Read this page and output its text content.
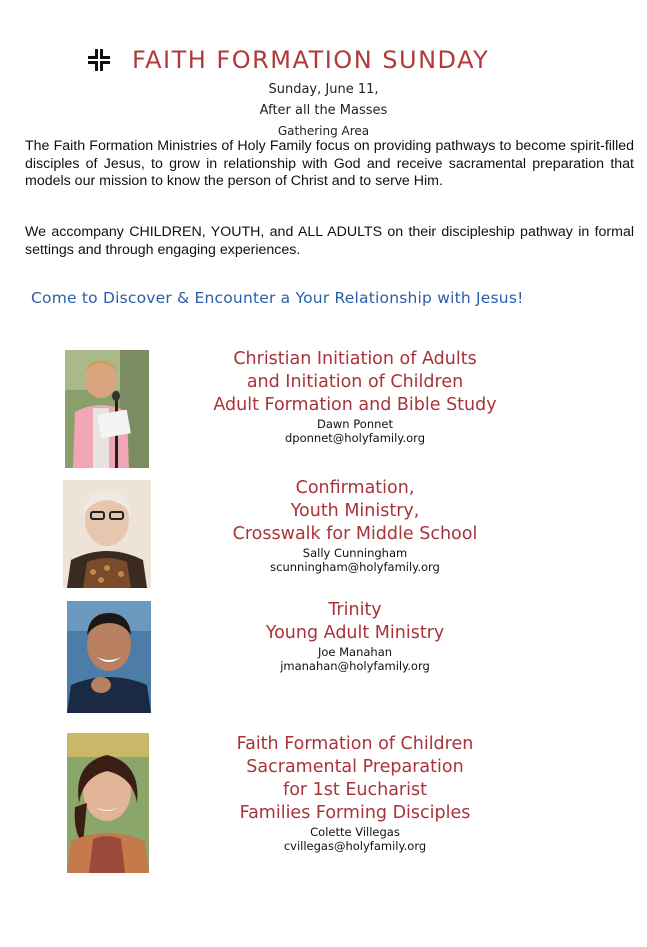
FAITH FORMATION SUNDAY
Sunday, June 11,
After all the Masses
Gathering Area

The Faith Formation Ministries of Holy Family focus on providing pathways to become spirit-filled disciples of Jesus, to grow in relationship with God and receive sacramental preparation that models our mission to know the person of Christ and to serve Him.

We accompany CHILDREN, YOUTH, and ALL ADULTS on their discipleship pathway in formal settings and through engaging experiences.

Come to Discover & Encounter a Your Relationship with Jesus!
Christian Initiation of Adults
and Initiation of Children
Adult Formation and Bible Study
Dawn Ponnet
dponnet@holyfamily.org
Confirmation,
Youth Ministry,
Crosswalk for Middle School
Sally Cunningham
scunningham@holyfamily.org
Trinity
Young Adult Ministry
Joe Manahan
jmanahan@holyfamily.org
Faith Formation of Children
Sacramental Preparation
for 1st Eucharist
Families Forming Disciples
Colette Villegas
cvillegas@holyfamily.org
